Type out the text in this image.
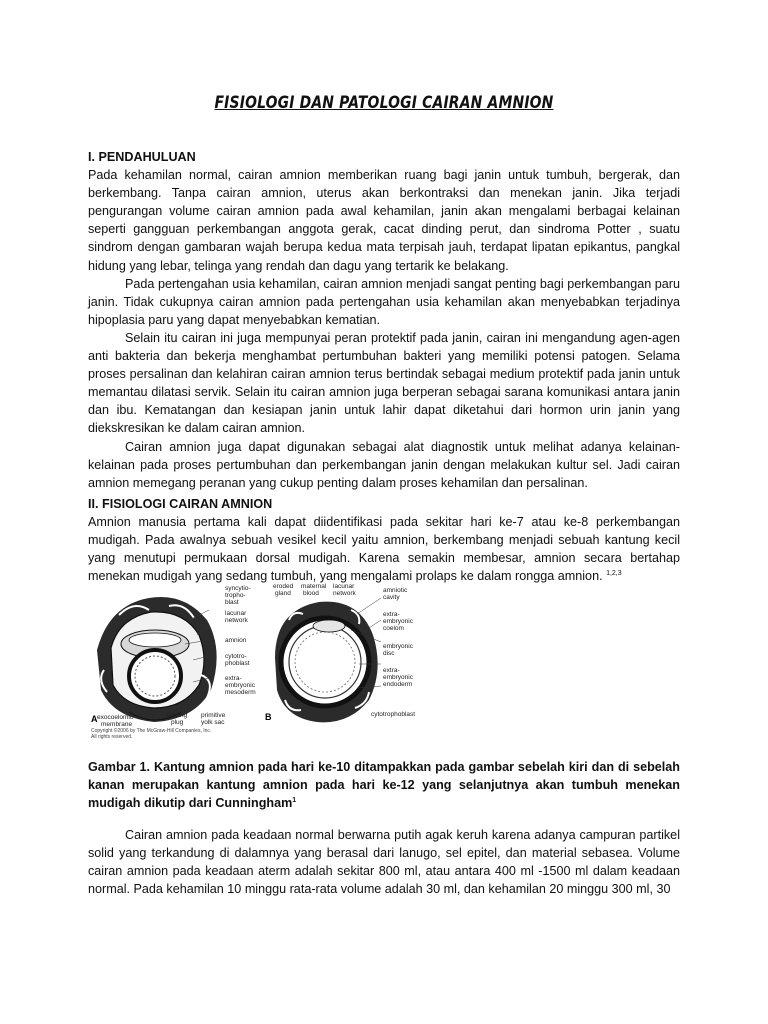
FISIOLOGI DAN PATOLOGI CAIRAN AMNION
I. PENDAHULUAN

Pada kehamilan normal, cairan amnion memberikan ruang bagi janin untuk tumbuh, bergerak, dan berkembang. Tanpa cairan amnion, uterus akan berkontraksi dan menekan janin. Jika terjadi pengurangan volume cairan amnion pada awal kehamilan, janin akan mengalami berbagai kelainan seperti gangguan perkembangan anggota gerak, cacat dinding perut, dan sindroma Potter , suatu sindrom dengan gambaran wajah berupa kedua mata terpisah jauh, terdapat lipatan epikantus, pangkal hidung yang lebar, telinga yang rendah dan dagu yang tertarik ke belakang.

Pada pertengahan usia kehamilan, cairan amnion menjadi sangat penting bagi perkembangan paru janin. Tidak cukupnya cairan amnion pada pertengahan usia kehamilan akan menyebabkan terjadinya hipoplasia paru yang dapat menyebabkan kematian.

Selain itu cairan ini juga mempunyai peran protektif pada janin, cairan ini mengandung agen-agen anti bakteria dan bekerja menghambat pertumbuhan bakteri yang memiliki potensi patogen. Selama proses persalinan dan kelahiran cairan amnion terus bertindak sebagai medium protektif pada janin untuk memantau dilatasi servik. Selain itu cairan amnion juga berperan sebagai sarana komunikasi antara janin dan ibu. Kematangan dan kesiapan janin untuk lahir dapat diketahui dari hormon urin janin yang diekskresikan ke dalam cairan amnion.

Cairan amnion juga dapat digunakan sebagai alat diagnostik untuk melihat adanya kelainan-kelainan pada proses pertumbuhan dan perkembangan janin dengan melakukan kultur sel. Jadi cairan amnion memegang peranan yang cukup penting dalam proses kehamilan dan persalinan.

II. FISIOLOGI CAIRAN AMNION

Amnion manusia pertama kali dapat diidentifikasi pada sekitar hari ke-7 atau ke-8 perkembangan mudigah. Pada awalnya sebuah vesikel kecil yaitu amnion, berkembang menjadi sebuah kantung kecil yang menutupi permukaan dorsal mudigah. Karena semakin membesar, amnion secara bertahap menekan mudigah yang sedang tumbuh, yang mengalami prolaps ke dalam rongga amnion. $^{1,2,3}$

Gambar 1. Kantung amnion pada hari ke-10 ditampakkan pada gambar sebelah kiri dan di sebelah kanan merupakan kantung amnion pada hari ke-12 yang selanjutnya akan tumbuh menekan mudigah dikutip dari Cunningham$^1$

Cairan amnion pada keadaan normal berwarna putih agak keruh karena adanya campuran partikel solid yang terkandung di dalamnya yang berasal dari lanugo, sel epitel, dan material sebasea. Volume cairan amnion pada keadaan aterm adalah sekitar 800 ml, atau antara 400 ml -1500 ml dalam keadaan normal. Pada kehamilan 10 minggu rata-rata volume adalah 30 ml, dan kehamilan 20 minggu 300 ml, 30

syncytio-
tropho-
blast
lacunar
network
amnion
cytotro-
phoblast
extra-
embryonic
mesoderm
exocoelomic
membrane
closing
plug
primitive
yolk sac
A
eroded
gland
maternal
blood
lacunar
network	amniotic
cavity
extra-
embryonic
coelom
embryonic
disc
extra-
embryonic
endoderm
cytotrophoblast
B
Copyright ©2006 by The McGraw-Hill Companies, Inc.
All rights reserved.
